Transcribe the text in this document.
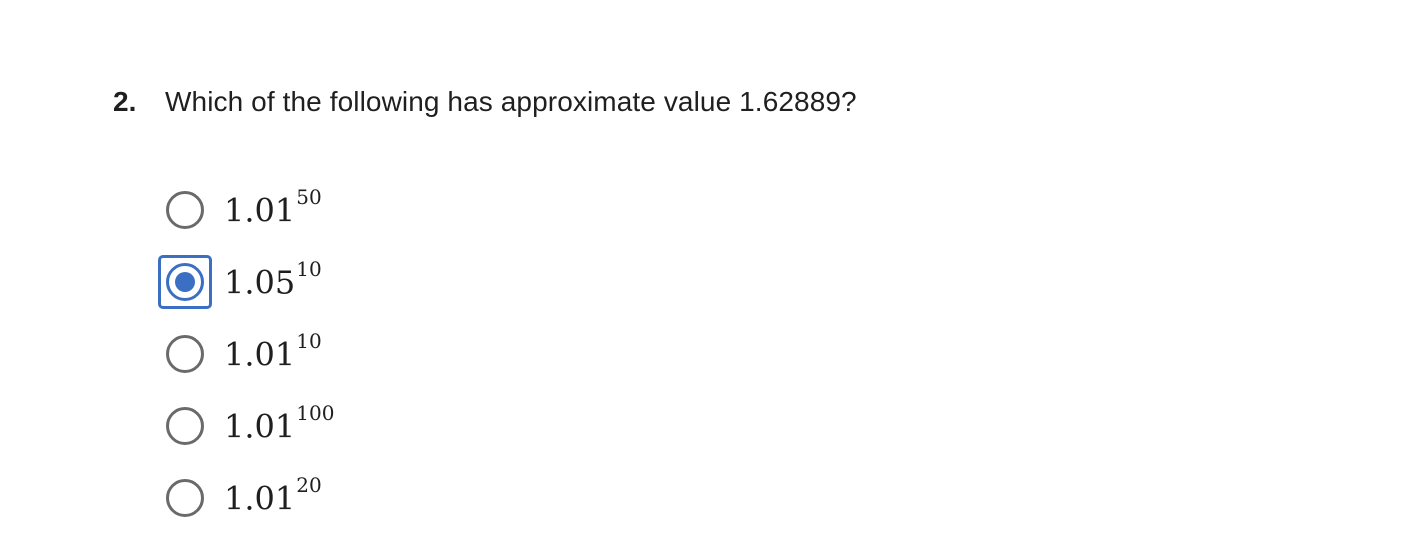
2.	Which of the following has approximate value 1.62889?
1.01$^{50}$
1.05$^{10}$
1.01$^{10}$
1.01$^{100}$
1.01$^{20}$
